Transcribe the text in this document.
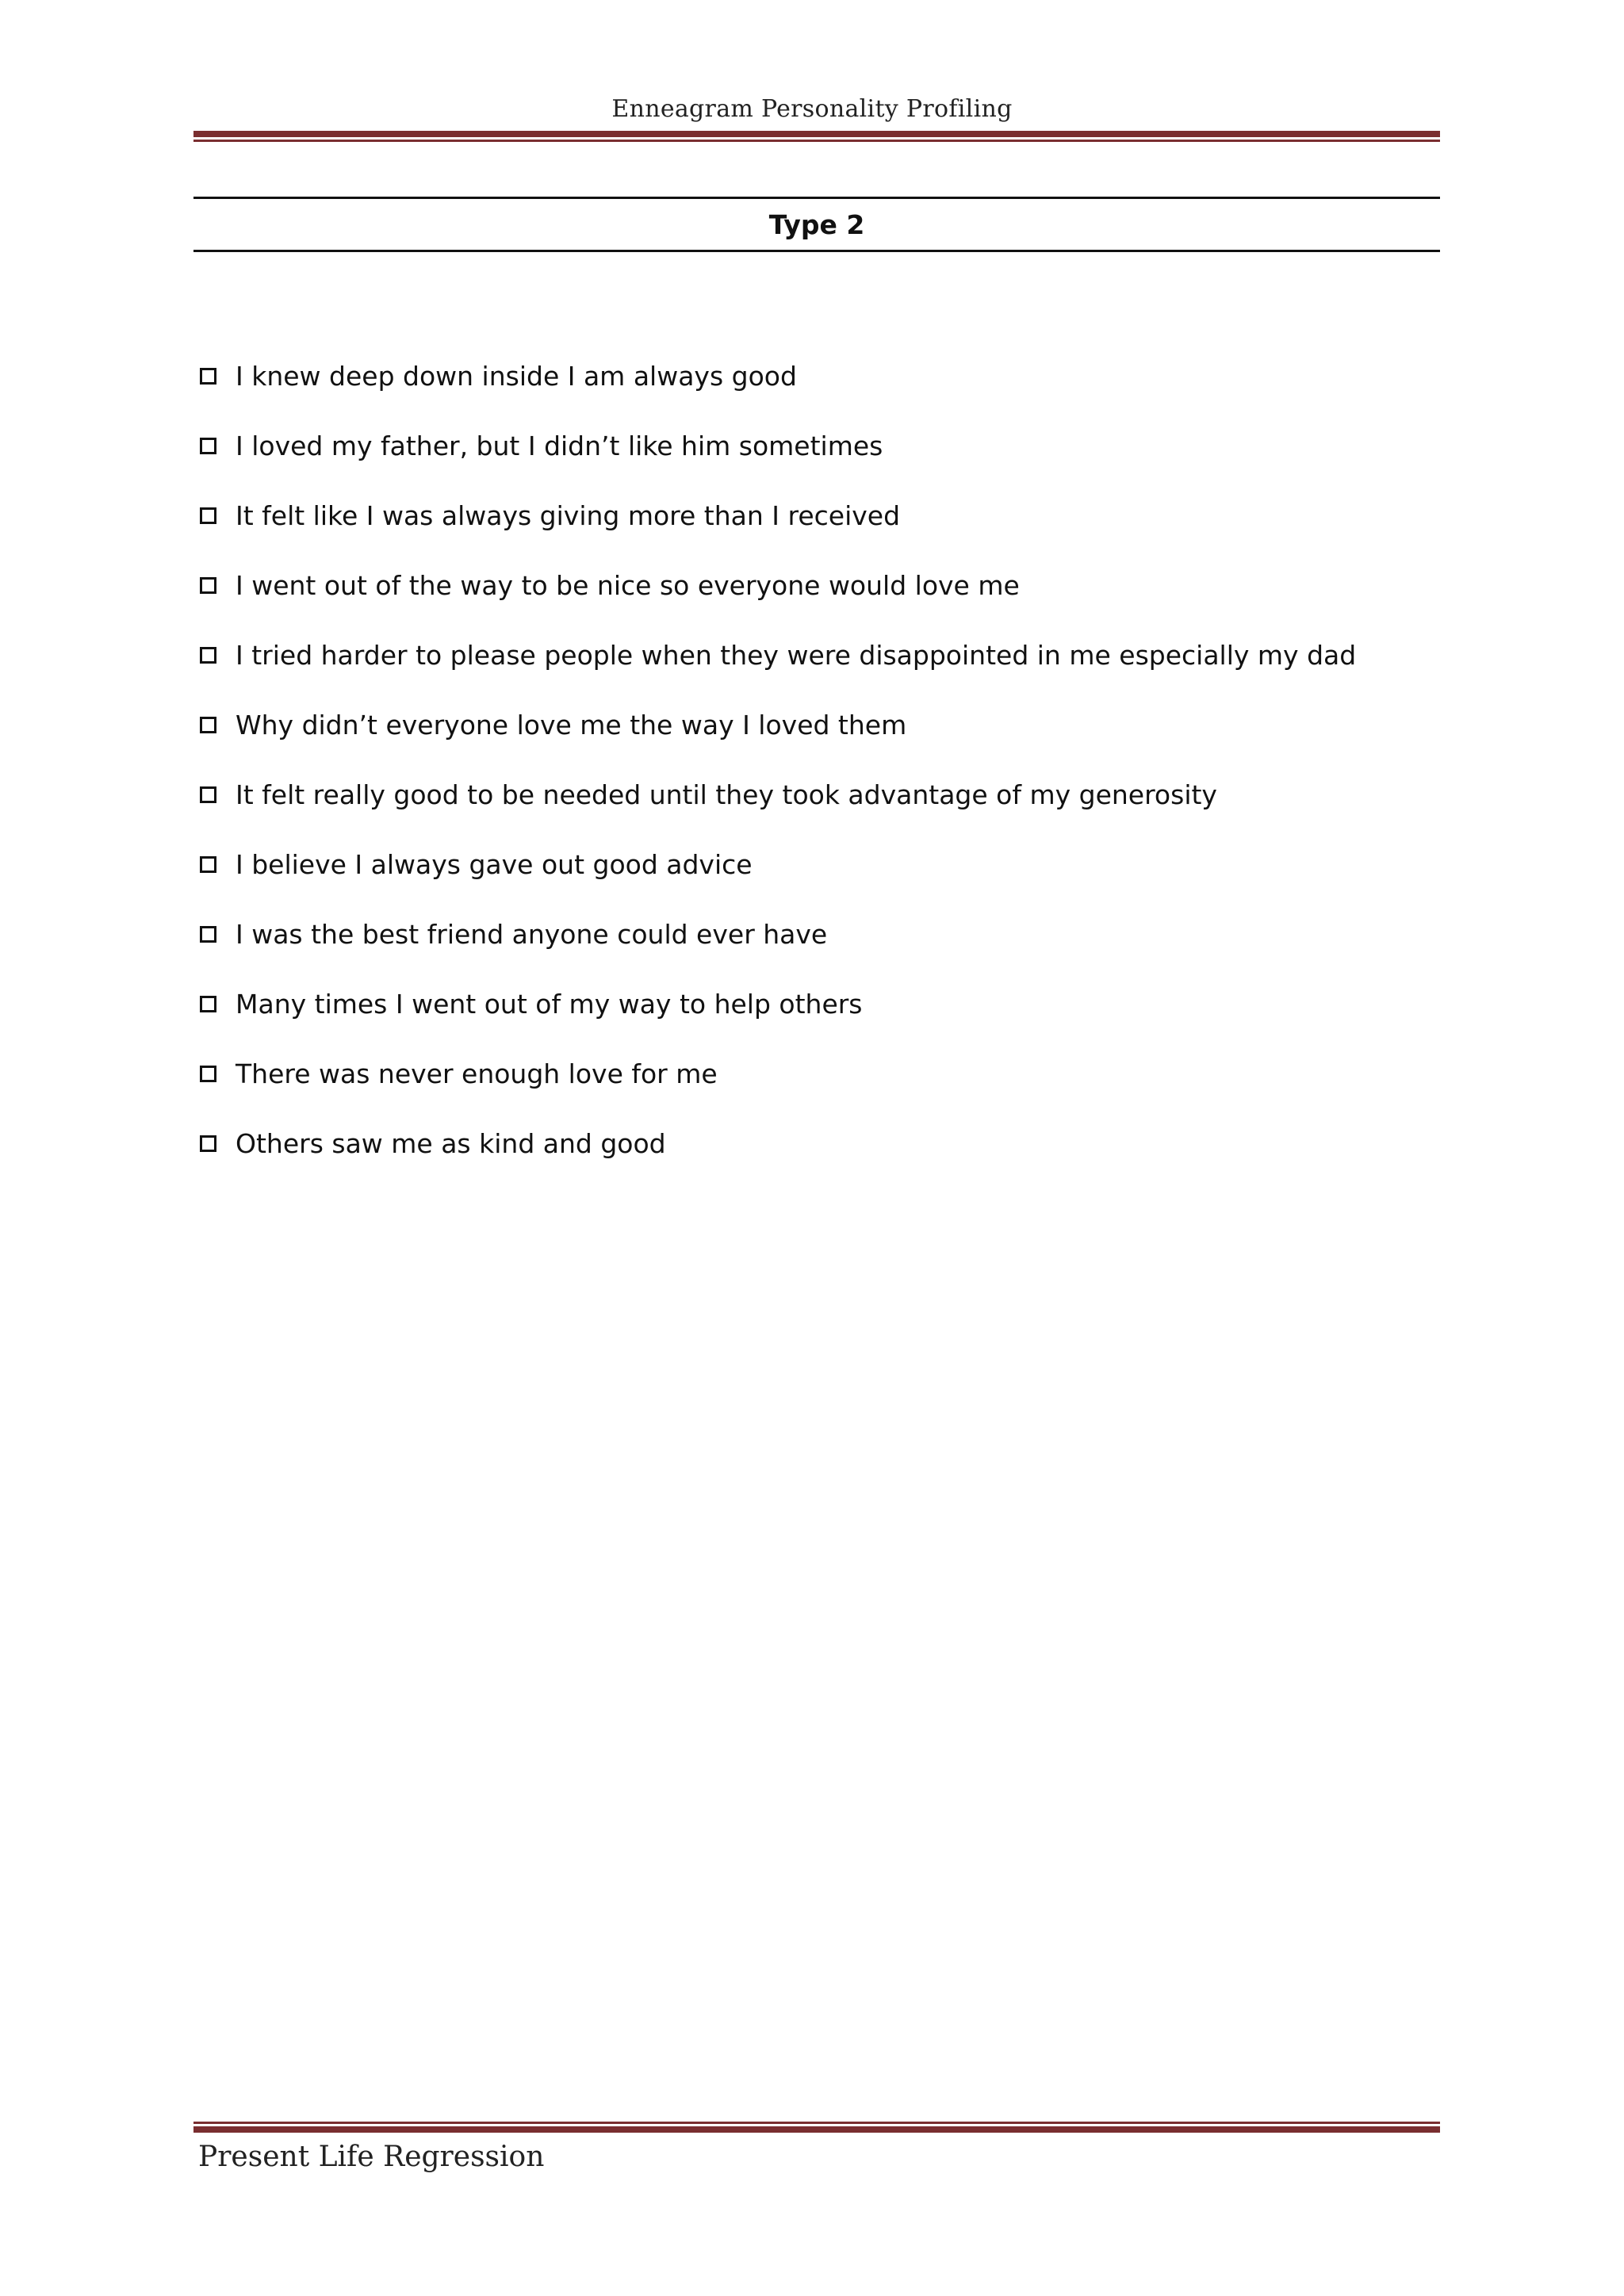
Enneagram Personality Profiling
Type 2
I knew deep down inside I am always good
I loved my father, but I didn’t like him sometimes
It felt like I was always giving more than I received
I went out of the way to be nice so everyone would love me
I tried harder to please people when they were disappointed in me especially my dad
Why didn’t everyone love me the way I loved them
It felt really good to be needed until they took advantage of my generosity
I believe I always gave out good advice
I was the best friend anyone could ever have
Many times I went out of my way to help others
There was never enough love for me
Others saw me as kind and good
Present Life Regression
